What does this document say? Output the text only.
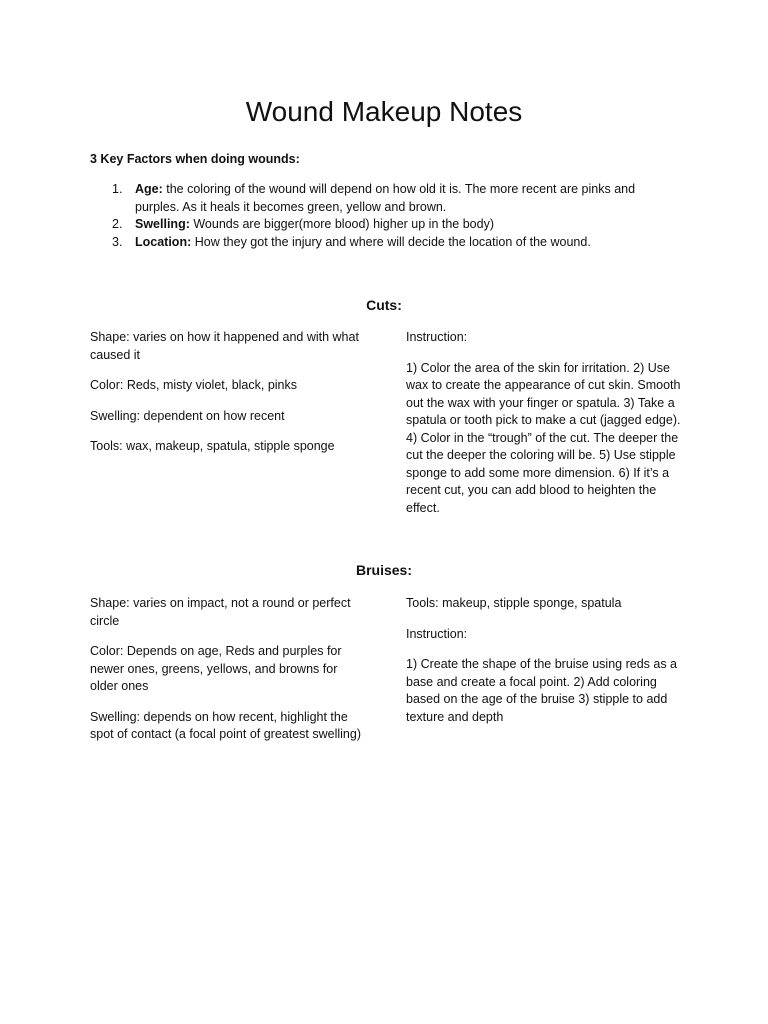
Wound Makeup Notes
3 Key Factors when doing wounds:
1. Age: the coloring of the wound will depend on how old it is. The more recent are pinks and purples. As it heals it becomes green, yellow and brown.
2. Swelling: Wounds are bigger(more blood) higher up in the body)
3. Location: How they got the injury and where will decide the location of the wound.
Cuts:

Shape: varies on how it happened and with what caused it

Color: Reds, misty violet, black, pinks

Swelling: dependent on how recent

Tools: wax, makeup, spatula, stipple sponge

Instruction:

1) Color the area of the skin for irritation. 2) Use wax to create the appearance of cut skin. Smooth out the wax with your finger or spatula. 3) Take a spatula or tooth pick to make a cut (jagged edge). 4) Color in the “trough” of the cut. The deeper the cut the deeper the coloring will be. 5) Use stipple sponge to add some more dimension. 6) If it’s a recent cut, you can add blood to heighten the effect.

Bruises:

Shape: varies on impact, not a round or perfect circle

Color: Depends on age, Reds and purples for newer ones, greens, yellows, and browns for older ones

Swelling: depends on how recent, highlight the spot of contact (a focal point of greatest swelling)

Tools: makeup, stipple sponge, spatula

Instruction:

1) Create the shape of the bruise using reds as a base and create a focal point. 2) Add coloring based on the age of the bruise 3) stipple to add texture and depth
